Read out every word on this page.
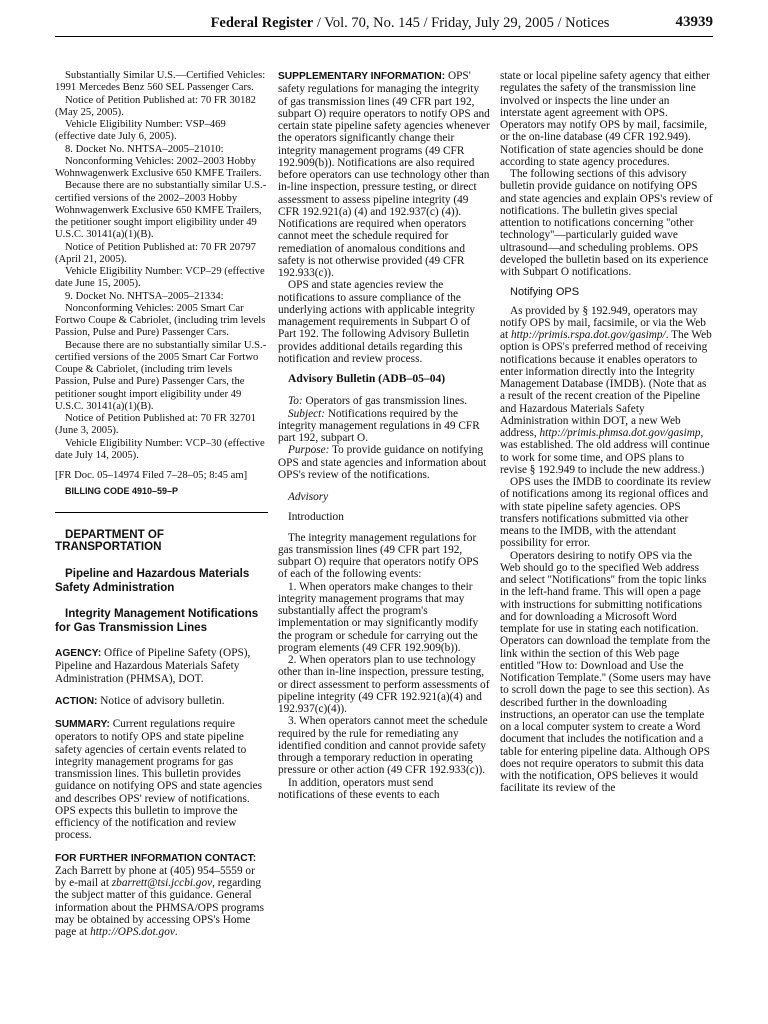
Federal Register / Vol. 70, No. 145 / Friday, July 29, 2005 / Notices	43939

Substantially Similar U.S.—Certified Vehicles: 1991 Mercedes Benz 560 SEL Passenger Cars.

Notice of Petition Published at: 70 FR 30182 (May 25, 2005).

Vehicle Eligibility Number: VSP–469 (effective date July 6, 2005).

8. Docket No. NHTSA–2005–21010:

Nonconforming Vehicles: 2002–2003 Hobby Wohnwagenwerk Exclusive 650 KMFE Trailers.

Because there are no substantially similar U.S.-certified versions of the 2002–2003 Hobby Wohnwagenwerk Exclusive 650 KMFE Trailers, the petitioner sought import eligibility under 49 U.S.C. 30141(a)(1)(B).

Notice of Petition Published at: 70 FR 20797 (April 21, 2005).

Vehicle Eligibility Number: VCP–29 (effective date June 15, 2005).

9. Docket No. NHTSA–2005–21334:

Nonconforming Vehicles: 2005 Smart Car Fortwo Coupe & Cabriolet, (including trim levels Passion, Pulse and Pure) Passenger Cars.

Because there are no substantially similar U.S.-certified versions of the 2005 Smart Car Fortwo Coupe & Cabriolet, (including trim levels Passion, Pulse and Pure) Passenger Cars, the petitioner sought import eligibility under 49 U.S.C. 30141(a)(1)(B).

Notice of Petition Published at: 70 FR 32701 (June 3, 2005).

Vehicle Eligibility Number: VCP–30 (effective date July 14, 2005).

[FR Doc. 05–14974 Filed 7–28–05; 8:45 am]

BILLING CODE 4910–59–P

DEPARTMENT OF TRANSPORTATION

Pipeline and Hazardous Materials Safety Administration

Integrity Management Notifications for Gas Transmission Lines

AGENCY: Office of Pipeline Safety (OPS), Pipeline and Hazardous Materials Safety Administration (PHMSA), DOT.

ACTION: Notice of advisory bulletin.

SUMMARY: Current regulations require operators to notify OPS and state pipeline safety agencies of certain events related to integrity management programs for gas transmission lines. This bulletin provides guidance on notifying OPS and state agencies and describes OPS' review of notifications. OPS expects this bulletin to improve the efficiency of the notification and review process.

FOR FURTHER INFORMATION CONTACT:
Zach Barrett by phone at (405) 954–5559 or by e-mail at zbarrett@tsi.jccbi.gov, regarding the subject matter of this guidance. General information about the PHMSA/OPS programs may be obtained by accessing OPS's Home page at http://OPS.dot.gov.

SUPPLEMENTARY INFORMATION: OPS' safety regulations for managing the integrity of gas transmission lines (49 CFR part 192, subpart O) require operators to notify OPS and certain state pipeline safety agencies whenever the operators significantly change their integrity management programs (49 CFR 192.909(b)). Notifications are also required before operators can use technology other than in-line inspection, pressure testing, or direct assessment to assess pipeline integrity (49 CFR 192.921(a) (4) and 192.937(c) (4)). Notifications are required when operators cannot meet the schedule required for remediation of anomalous conditions and safety is not otherwise provided (49 CFR 192.933(c)).

OPS and state agencies review the notifications to assure compliance of the underlying actions with applicable integrity management requirements in Subpart O of Part 192. The following Advisory Bulletin provides additional details regarding this notification and review process.

Advisory Bulletin (ADB–05–04)

To: Operators of gas transmission lines.

Subject: Notifications required by the integrity management regulations in 49 CFR part 192, subpart O.

Purpose: To provide guidance on notifying OPS and state agencies and information about OPS's review of the notifications.

Advisory

Introduction

The integrity management regulations for gas transmission lines (49 CFR part 192, subpart O) require that operators notify OPS of each of the following events:

1. When operators make changes to their integrity management programs that may substantially affect the program's implementation or may significantly modify the program or schedule for carrying out the program elements (49 CFR 192.909(b)).

2. When operators plan to use technology other than in-line inspection, pressure testing, or direct assessment to perform assessments of pipeline integrity (49 CFR 192.921(a)(4) and 192.937(c)(4)).

3. When operators cannot meet the schedule required by the rule for remediating any identified condition and cannot provide safety through a temporary reduction in operating pressure or other action (49 CFR 192.933(c)).

In addition, operators must send notifications of these events to each

state or local pipeline safety agency that either regulates the safety of the transmission line involved or inspects the line under an interstate agent agreement with OPS. Operators may notify OPS by mail, facsimile, or the on-line database (49 CFR 192.949). Notification of state agencies should be done according to state agency procedures.

The following sections of this advisory bulletin provide guidance on notifying OPS and state agencies and explain OPS's review of notifications. The bulletin gives special attention to notifications concerning ''other technology''—particularly guided wave ultrasound—and scheduling problems. OPS developed the bulletin based on its experience with Subpart O notifications.

Notifying OPS

As provided by § 192.949, operators may notify OPS by mail, facsimile, or via the Web at http://primis.rspa.dot.gov/gasimp/. The Web option is OPS's preferred method of receiving notifications because it enables operators to enter information directly into the Integrity Management Database (IMDB). (Note that as a result of the recent creation of the Pipeline and Hazardous Materials Safety Administration within DOT, a new Web address, http://primis.phmsa.dot.gov/gasimp, was established. The old address will continue to work for some time, and OPS plans to revise § 192.949 to include the new address.)

OPS uses the IMDB to coordinate its review of notifications among its regional offices and with state pipeline safety agencies. OPS transfers notifications submitted via other means to the IMDB, with the attendant possibility for error.

Operators desiring to notify OPS via the Web should go to the specified Web address and select ''Notifications'' from the topic links in the left-hand frame. This will open a page with instructions for submitting notifications and for downloading a Microsoft Word template for use in stating each notification. Operators can download the template from the link within the section of this Web page entitled ''How to: Download and Use the Notification Template.'' (Some users may have to scroll down the page to see this section). As described further in the downloading instructions, an operator can use the template on a local computer system to create a Word document that includes the notification and a table for entering pipeline data. Although OPS does not require operators to submit this data with the notification, OPS believes it would facilitate its review of the
